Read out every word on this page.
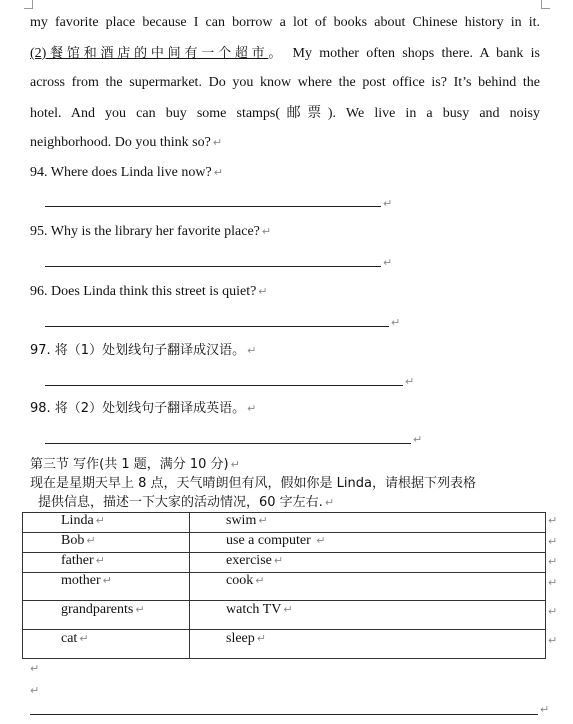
my favorite place because I can borrow a lot of books about Chinese history in it.
(2)餐馆和酒店的中间有一个超市。 My mother often shops there. A bank is
across from the supermarket. Do you know where the post office is? It’s behind the
hotel. And you can buy some stamps(邮票). We live in a busy and noisy
neighborhood. Do you think so? ↵
94. Where does Linda live now? ↵
↵
95. Why is the library her favorite place? ↵
↵
96. Does Linda think this street is quiet? ↵
↵
97. 将（1）处划线句子翻译成汉语。 ↵
↵
98. 将（2）处划线句子翻译成英语。 ↵
↵
第三节 写作(共 1 题，满分 10 分) ↵
现在是星期天早上 8 点，天气晴朗但有风，假如你是 Linda，请根据下列表格
提供信息，描述一下大家的活动情况，60 字左右. ↵
Linda ↵	swim ↵
Bob ↵	use a computer ↵
father ↵	exercise ↵
mother ↵	cook ↵
grandparents ↵	watch TV ↵
cat ↵	sleep ↵
↵
↵
↵
↵
↵
↵
↵
↵
↵
